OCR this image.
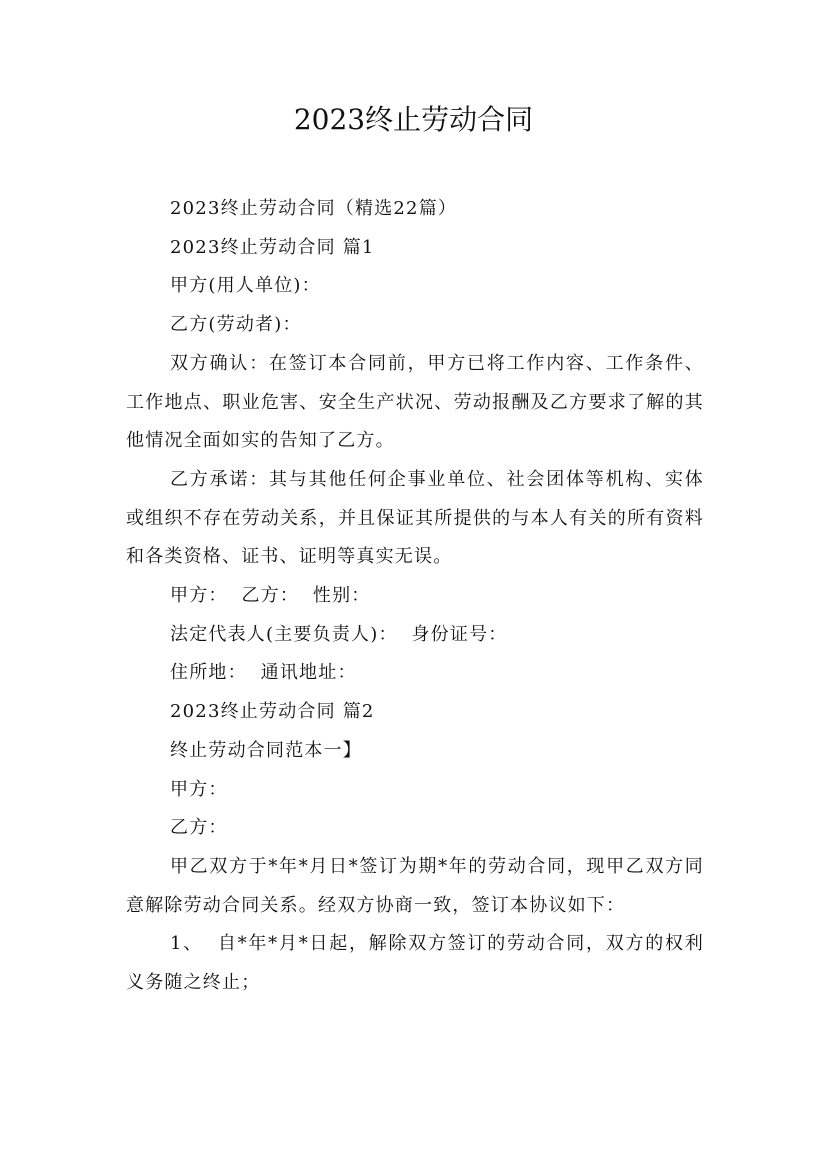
2023终止劳动合同

2023终止劳动合同（精选22篇）

2023终止劳动合同 篇1

甲方(用人单位)：

乙方(劳动者)：

双方确认：在签订本合同前，甲方已将工作内容、工作条件、工作地点、职业危害、安全生产状况、劳动报酬及乙方要求了解的其他情况全面如实的告知了乙方。

乙方承诺：其与其他任何企事业单位、社会团体等机构、实体或组织不存在劳动关系，并且保证其所提供的与本人有关的所有资料和各类资格、证书、证明等真实无误。

甲方：  乙方：  性别：

法定代表人(主要负责人)：  身份证号：

住所地：  通讯地址：

2023终止劳动合同 篇2

终止劳动合同范本一】

甲方：

乙方：

甲乙双方于*年*月日*签订为期*年的劳动合同，现甲乙双方同意解除劳动合同关系。经双方协商一致，签订本协议如下：

1、  自*年*月*日起，解除双方签订的劳动合同，双方的权利义务随之终止；
